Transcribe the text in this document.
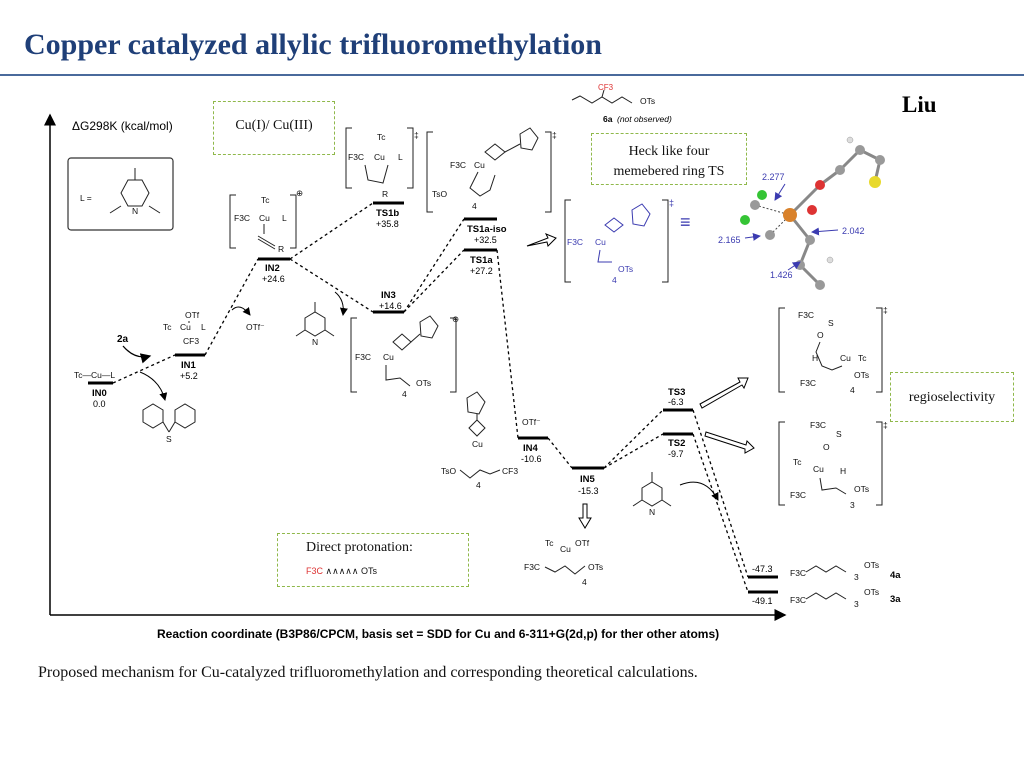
Copper catalyzed allylic trifluoromethylation
Liu
ΔG298K (kcal/mol)
Reaction coordinate (B3P86/CPCM, basis set = SDD for Cu and 6-311+G(2d,p) for ther other atoms)
L =
N
IN0
0.0
IN1
+5.2
IN2
+24.6
TS1b
+35.8
IN3
+14.6
TS1a-iso
+32.5
TS1a
+27.2
IN4
-10.6
IN5
-15.3
TS3
-6.3
TS2
-9.7
-47.3
-49.1
Tc—Cu—L
2a
S
OTf
Tc Cu L
CF3
⊕
Tc
F3C Cu L
R
‡
Tc
F3C Cu L
R
‡
F3C Cu
TsO
4
⊕
F3C Cu
OTs
4
N
OTf⁻
CF3
OTs
6a (not observed)
‡
F3C Cu
OTs
4
≡
2.277
2.165
2.042
1.426
OTf⁻
Cu
TsO	CF3
4
N
Tc
Cu
OTf
F3C	OTs
4
‡
F3C
S
O
H	Cu Tc
OTs
F3C
4
‡
F3C
S
O
Tc
Cu H
OTs
F3C
3
F3C
OTs
3	4a
F3C
OTs
3	3a
Cu(I)/ Cu(III)
Heck like four memebered ring TS
regioselectivity
Direct protonation:
F3C ∧∧∧∧∧ OTs
Proposed mechanism for Cu-catalyzed trifluoromethylation and corresponding theoretical calculations.
